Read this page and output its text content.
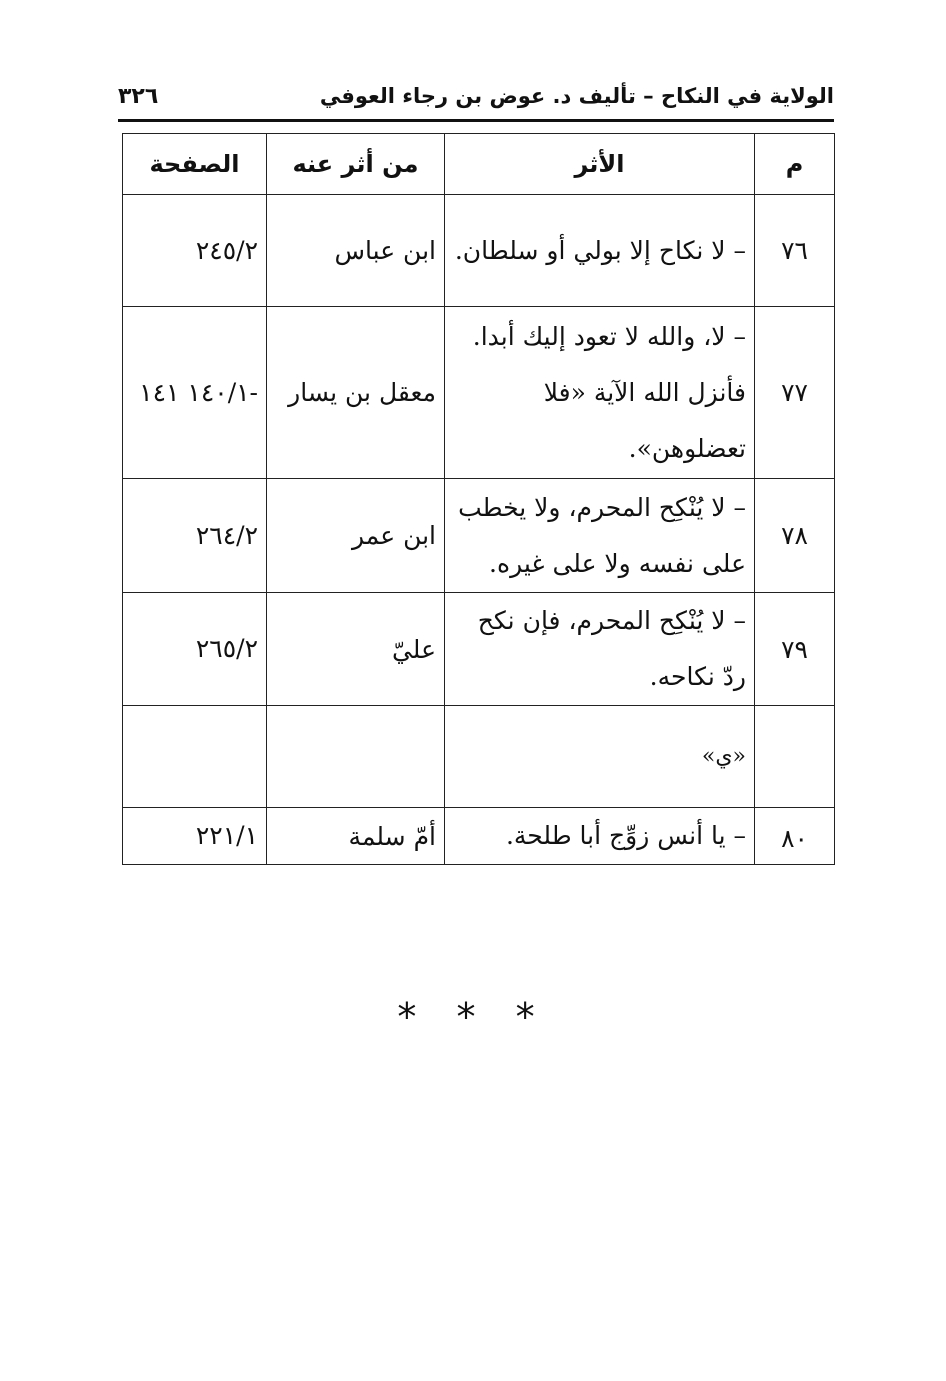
الولاية في النكاح – تأليف د. عوض بن رجاء العوفي
٣٢٦
م	الأثر	من أثر عنه	الصفحة
٧٦	– لا نكاح إلا بولي أو سلطان.	ابن عباس	٢٤٥/٢
٧٧	– لا، والله لا تعود إليك أبدا. فأنزل الله الآية «فلا تعضلوهن».	معقل بن يسار	-١٤٠/١ ١٤١
٧٨	– لا يُنْكِح المحرم، ولا يخطب على نفسه ولا على غيره.	ابن عمر	٢٦٤/٢
٧٩	– لا يُنْكِح المحرم، فإن نكح ردّ نكاحه.	عليّ	٢٦٥/٢
	«ي»		
٨٠	– يا أنس زوِّج أبا طلحة.	أمّ سلمة	٢٢١/١
* * *
